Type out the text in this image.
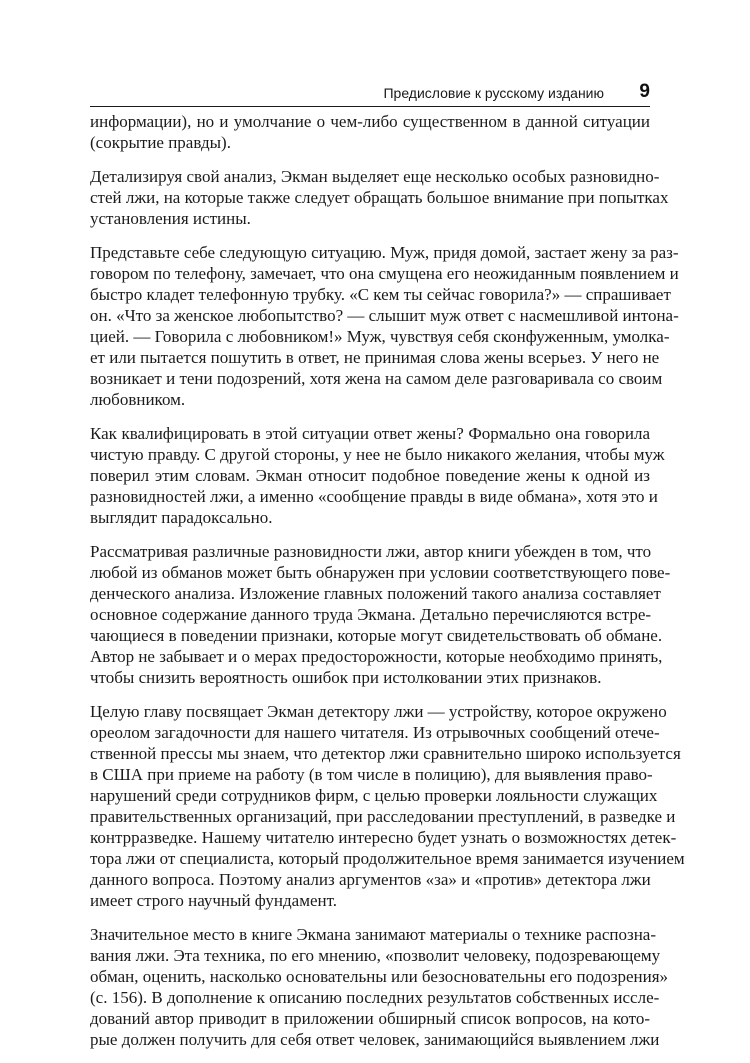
Предисловие к русскому изданию 9

информации), но и умолчание о чем-либо существенном в данной ситуации
(сокрытие правды).

Детализируя свой анализ, Экман выделяет еще несколько особых разновидно-
стей лжи, на которые также следует обращать большое внимание при попытках
установления истины.

Представьте себе следующую ситуацию. Муж, придя домой, застает жену за раз-
говором по телефону, замечает, что она смущена его неожиданным появлением и
быстро кладет телефонную трубку. «С кем ты сейчас говорила?» — спрашивает
он. «Что за женское любопытство? — слышит муж ответ с насмешливой интона-
цией. — Говорила с любовником!» Муж, чувствуя себя сконфуженным, умолка-
ет или пытается пошутить в ответ, не принимая слова жены всерьез. У него не
возникает и тени подозрений, хотя жена на самом деле разговаривала со своим
любовником.

Как квалифицировать в этой ситуации ответ жены? Формально она говорила
чистую правду. С другой стороны, у нее не было никакого желания, чтобы муж
поверил этим словам. Экман относит подобное поведение жены к одной из
разновидностей лжи, а именно «сообщение правды в виде обмана», хотя это и
выглядит парадоксально.

Рассматривая различные разновидности лжи, автор книги убежден в том, что
любой из обманов может быть обнаружен при условии соответствующего пове-
денческого анализа. Изложение главных положений такого анализа составляет
основное содержание данного труда Экмана. Детально перечисляются встре-
чающиеся в поведении признаки, которые могут свидетельствовать об обмане.
Автор не забывает и о мерах предосторожности, которые необходимо принять,
чтобы снизить вероятность ошибок при истолковании этих признаков.

Целую главу посвящает Экман детектору лжи — устройству, которое окружено
ореолом загадочности для нашего читателя. Из отрывочных сообщений отече-
ственной прессы мы знаем, что детектор лжи сравнительно широко используется
в США при приеме на работу (в том числе в полицию), для выявления право-
нарушений среди сотрудников фирм, с целью проверки лояльности служащих
правительственных организаций, при расследовании преступлений, в разведке и
контрразведке. Нашему читателю интересно будет узнать о возможностях детек-
тора лжи от специалиста, который продолжительное время занимается изучением
данного вопроса. Поэтому анализ аргументов «за» и «против» детектора лжи
имеет строго научный фундамент.

Значительное место в книге Экмана занимают материалы о технике распозна-
вания лжи. Эта техника, по его мнению, «позволит человеку, подозревающему
обман, оценить, насколько основательны или безосновательны его подозрения»
(с. 156). В дополнение к описанию последних результатов собственных иссле-
дований автор приводит в приложении обширный список вопросов, на кото-
рые должен получить для себя ответ человек, занимающийся выявлением лжи
